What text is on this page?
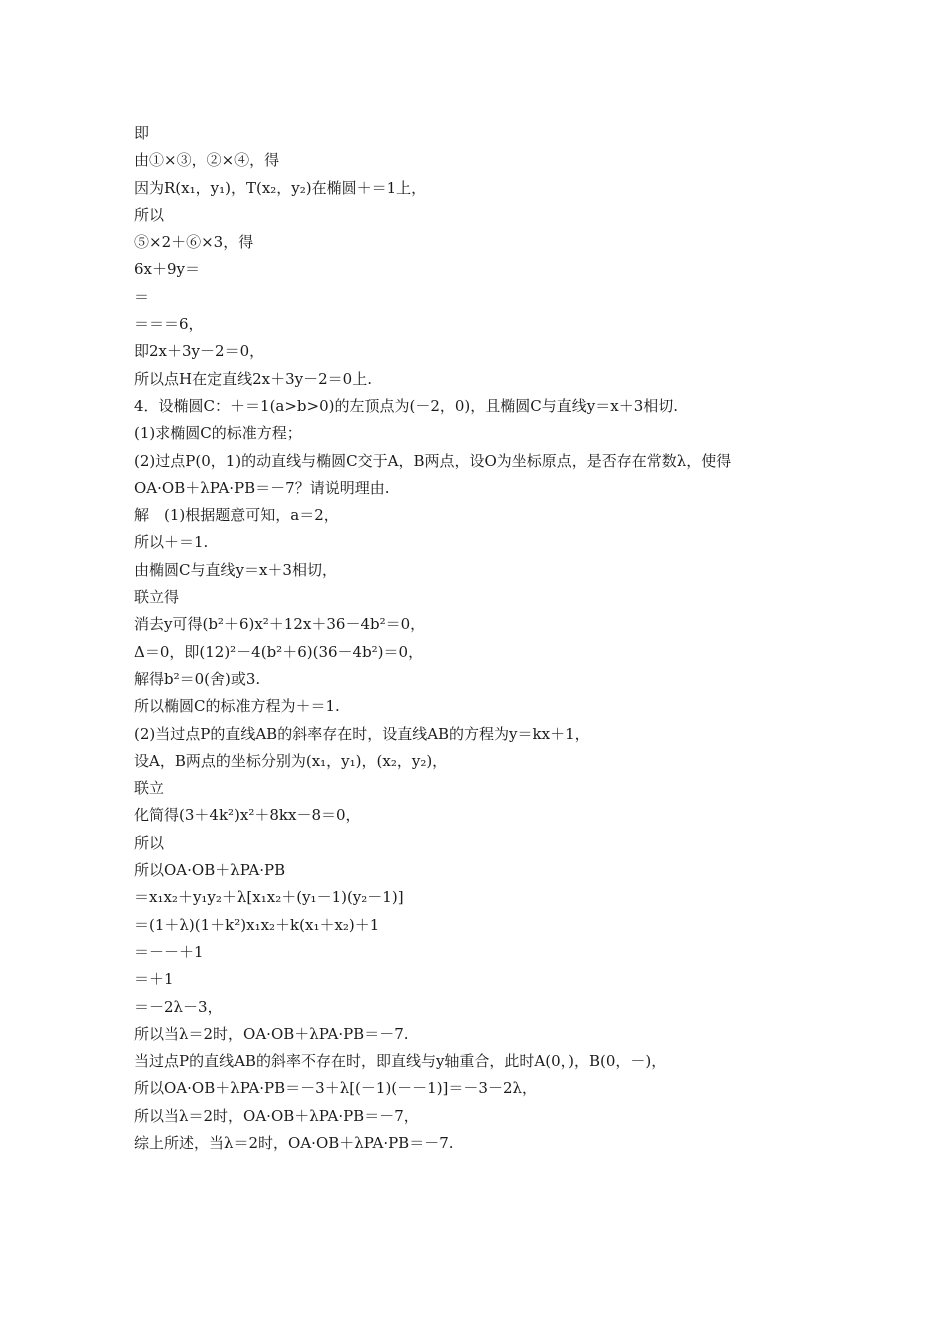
即
由①×③，②×④，得
因为R(x₁，y₁)，T(x₂，y₂)在椭圆＋＝1上，
所以
⑤×2＋⑥×3，得
6x＋9y＝
＝
＝＝＝6，
即2x＋3y－2＝0，
所以点H在定直线2x＋3y－2＝0上.
4．设椭圆C：＋＝1(a>b>0)的左顶点为(－2，0)，且椭圆C与直线y＝x＋3相切.
(1)求椭圆C的标准方程；
(2)过点P(0，1)的动直线与椭圆C交于A，B两点，设O为坐标原点，是否存在常数λ，使得
OA·OB＋λPA·PB＝－7？请说明理由.
解　(1)根据题意可知，a＝2，
所以＋＝1.
由椭圆C与直线y＝x＋3相切，
联立得
消去y可得(b²＋6)x²＋12x＋36－4b²＝0，
Δ＝0，即(12)²－4(b²＋6)(36－4b²)＝0，
解得b²＝0(舍)或3.
所以椭圆C的标准方程为＋＝1.
(2)当过点P的直线AB的斜率存在时，设直线AB的方程为y＝kx＋1，
设A，B两点的坐标分别为(x₁，y₁)，(x₂，y₂)，
联立
化简得(3＋4k²)x²＋8kx－8＝0，
所以
所以OA·OB＋λPA·PB
＝x₁x₂＋y₁y₂＋λ[x₁x₂＋(y₁－1)(y₂－1)]
＝(1＋λ)(1＋k²)x₁x₂＋k(x₁＋x₂)＋1
＝－－＋1
＝＋1
＝－2λ－3，
所以当λ＝2时，OA·OB＋λPA·PB＝－7.
当过点P的直线AB的斜率不存在时，即直线与y轴重合，此时A(0，)，B(0，－)，
所以OA·OB＋λPA·PB＝－3＋λ[(－1)(－－1)]＝－3－2λ，
所以当λ＝2时，OA·OB＋λPA·PB＝－7，
综上所述，当λ＝2时，OA·OB＋λPA·PB＝－7.
